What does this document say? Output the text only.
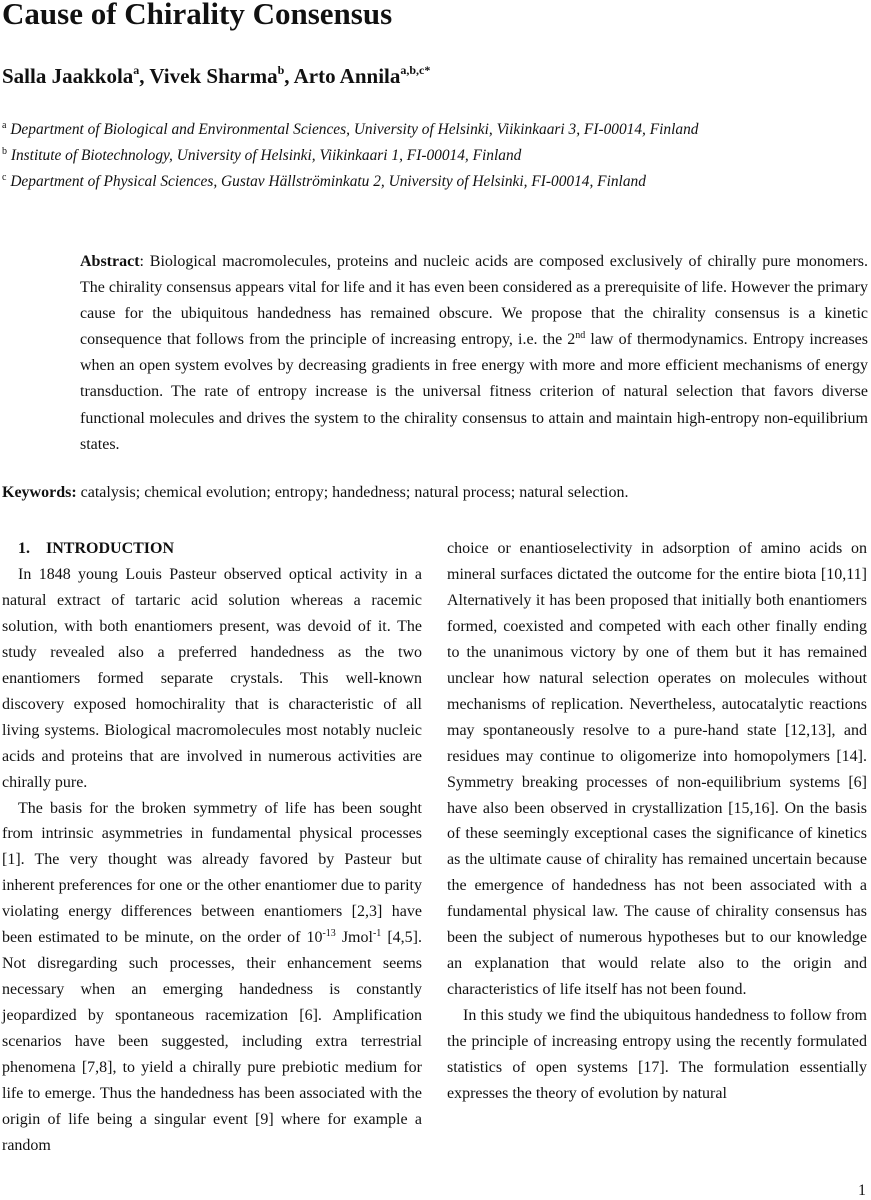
Cause of Chirality Consensus

Salla Jaakkola$^a$, Vivek Sharma$^b$, Arto Annila$^{a,b,c*}$

$^a$ Department of Biological and Environmental Sciences, University of Helsinki, Viikinkaari 3, FI-00014, Finland

$^b$ Institute of Biotechnology, University of Helsinki, Viikinkaari 1, FI-00014, Finland

$^c$ Department of Physical Sciences, Gustav Hällströminkatu 2, University of Helsinki, FI-00014, Finland

Abstract: Biological macromolecules, proteins and nucleic acids are composed exclusively of chirally pure monomers. The chirality consensus appears vital for life and it has even been considered as a prerequisite of life. However the primary cause for the ubiquitous handedness has remained obscure. We propose that the chirality consensus is a kinetic consequence that follows from the principle of increasing entropy, i.e. the 2nd law of thermodynamics. Entropy increases when an open system evolves by decreasing gradients in free energy with more and more efficient mechanisms of energy transduction. The rate of entropy increase is the universal fitness criterion of natural selection that favors diverse functional molecules and drives the system to the chirality consensus to attain and maintain high-entropy non-equilibrium states.

Keywords: catalysis; chemical evolution; entropy; handedness; natural process; natural selection.

1. INTRODUCTION

In 1848 young Louis Pasteur observed optical activity in a natural extract of tartaric acid solution whereas a racemic solution, with both enantiomers present, was devoid of it. The study revealed also a preferred handedness as the two enantiomers formed separate crystals. This well-known discovery exposed homochirality that is characteristic of all living systems. Biological macromolecules most notably nucleic acids and proteins that are involved in numerous activities are chirally pure.

The basis for the broken symmetry of life has been sought from intrinsic asymmetries in fundamental physical processes [1]. The very thought was already favored by Pasteur but inherent preferences for one or the other enantiomer due to parity violating energy differences between enantiomers [2,3] have been estimated to be minute, on the order of $10^{-13}$ Jmol$^{-1}$ [4,5]. Not disregarding such processes, their enhancement seems necessary when an emerging handedness is constantly jeopardized by spontaneous racemization [6]. Amplification scenarios have been suggested, including extra terrestrial phenomena [7,8], to yield a chirally pure prebiotic medium for life to emerge. Thus the handedness has been associated with the origin of life being a singular event [9] where for example a random

choice or enantioselectivity in adsorption of amino acids on mineral surfaces dictated the outcome for the entire biota [10,11] Alternatively it has been proposed that initially both enantiomers formed, coexisted and competed with each other finally ending to the unanimous victory by one of them but it has remained unclear how natural selection operates on molecules without mechanisms of replication. Nevertheless, autocatalytic reactions may spontaneously resolve to a pure-hand state [12,13], and residues may continue to oligomerize into homopolymers [14]. Symmetry breaking processes of non-equilibrium systems [6] have also been observed in crystallization [15,16]. On the basis of these seemingly exceptional cases the significance of kinetics as the ultimate cause of chirality has remained uncertain because the emergence of handedness has not been associated with a fundamental physical law. The cause of chirality consensus has been the subject of numerous hypotheses but to our knowledge an explanation that would relate also to the origin and characteristics of life itself has not been found.

In this study we find the ubiquitous handedness to follow from the principle of increasing entropy using the recently formulated statistics of open systems [17]. The formulation essentially expresses the theory of evolution by natural

1
